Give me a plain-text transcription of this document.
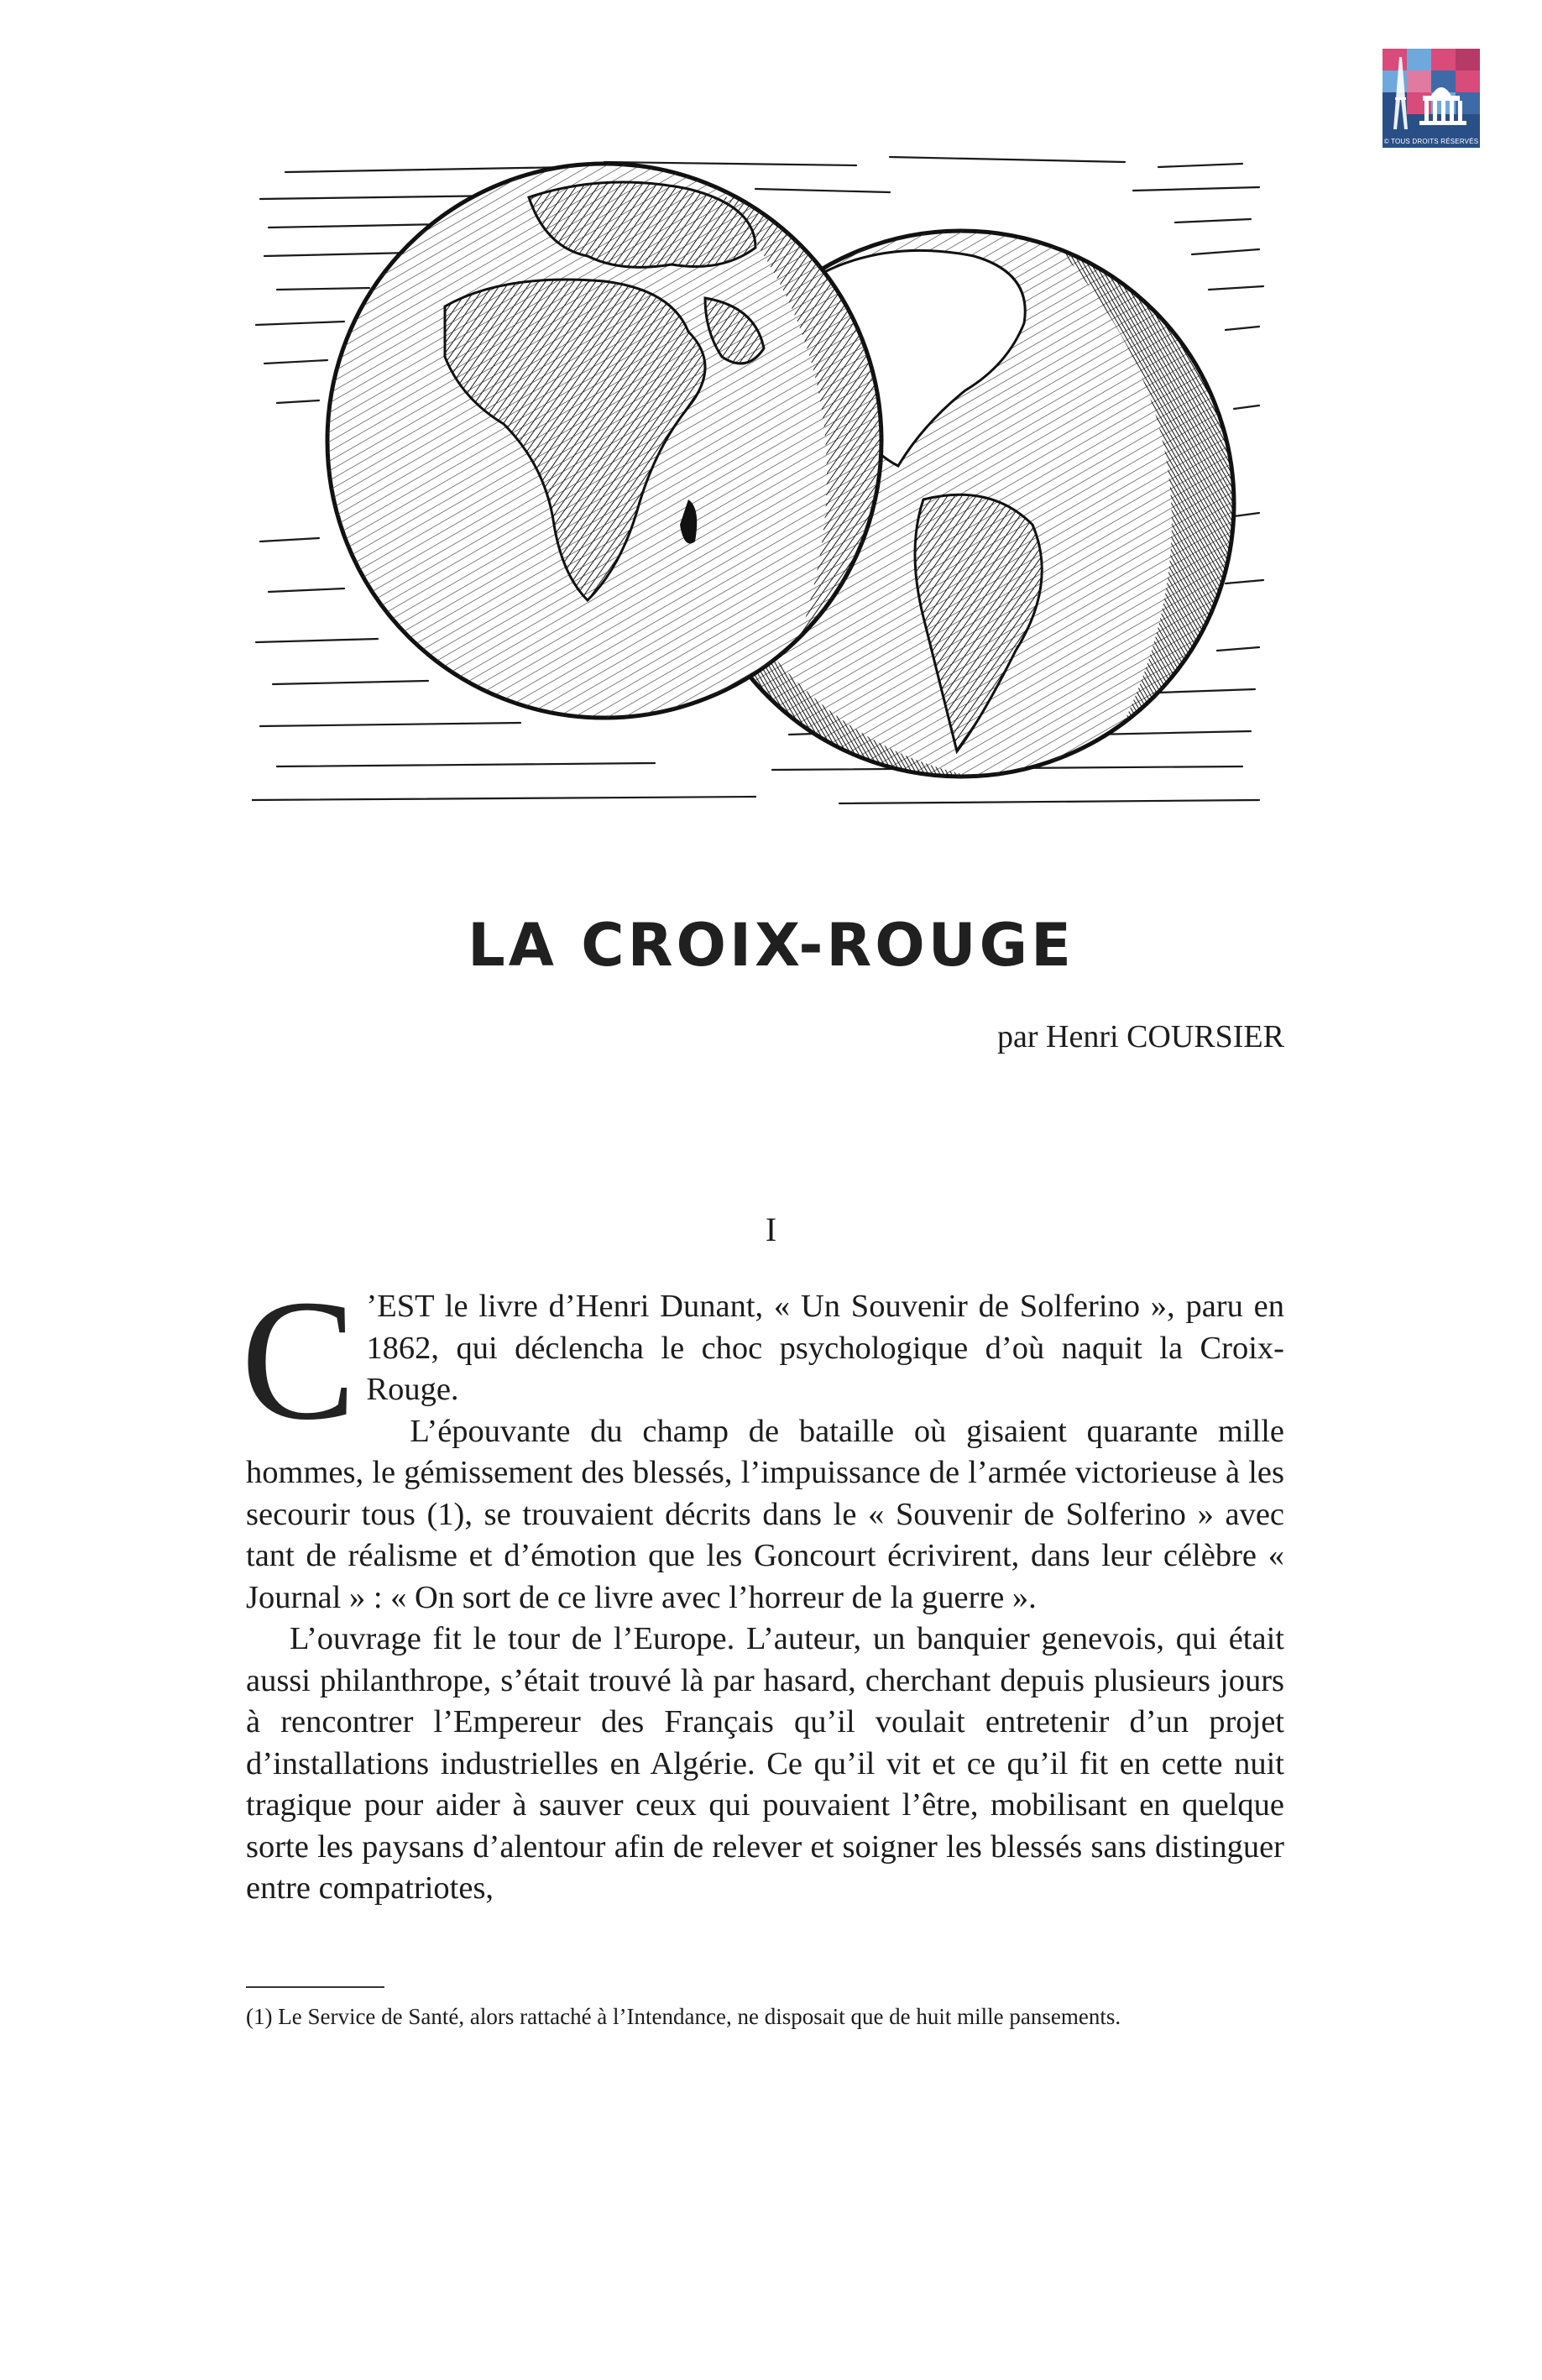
© TOUS DROITS RÉSERVÉS
LA CROIX-ROUGE
par Henri COURSIER
I

C ’EST le livre d’Henri Dunant, « Un Souvenir de Solferino », paru en 1862, qui déclencha le choc psychologique d’où naquit la Croix-Rouge.

L’épouvante du champ de bataille où gisaient quarante mille hommes, le gémissement des blessés, l’impuissance de l’armée victorieuse à les secourir tous (1), se trouvaient décrits dans le « Souvenir de Solferino » avec tant de réalisme et d’émotion que les Goncourt écrivirent, dans leur célèbre « Journal » : « On sort de ce livre avec l’horreur de la guerre ».

L’ouvrage fit le tour de l’Europe. L’auteur, un banquier genevois, qui était aussi philanthrope, s’était trouvé là par hasard, cherchant depuis plusieurs jours à rencontrer l’Empereur des Français qu’il voulait entretenir d’un projet d’installations industrielles en Algérie. Ce qu’il vit et ce qu’il fit en cette nuit tragique pour aider à sauver ceux qui pouvaient l’être, mobilisant en quelque sorte les paysans d’alentour afin de relever et soigner les blessés sans distinguer entre compatriotes,

(1) Le Service de Santé, alors rattaché à l’Intendance, ne disposait que de huit mille pansements.
